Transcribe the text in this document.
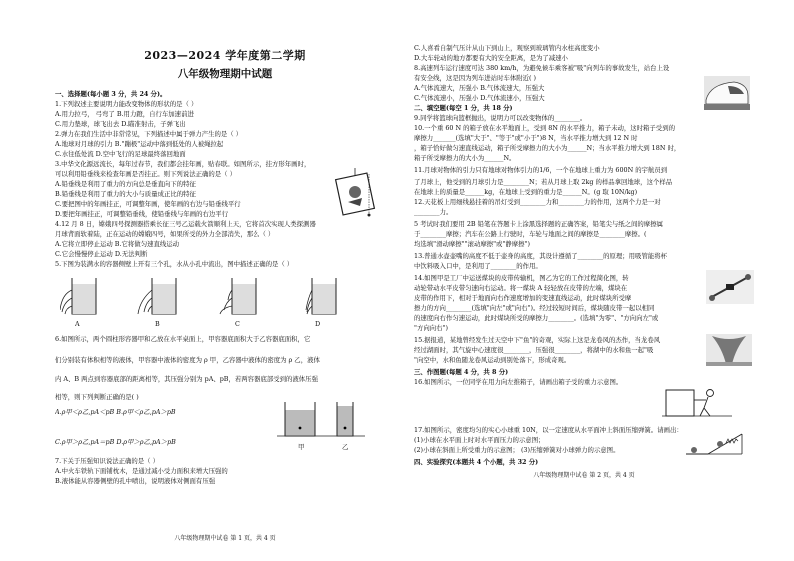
2023—2024 学年度第二学期
八年级物理期中试题
一、选择题(每小题 3 分，共 24 分)。
1.下列叙述主要说明力能改变物体的形状的是（ ）
A.用力拉弓， 弓弯了 B.用力蹬，自行车加速前进
C.用力垫球，球飞出去 D.瞄准射击，子弹飞出
2.弹力在我们生活中非常常见，下列描述中属于弹力产生的是（ ）
A.地球对月球的引力 B."蹦极"运动中落到低处的人被绳拉起
C.水往低处流 D.空中飞行的足球最终落回地面
3.中华文化源远流长，每年过春节，我们都会挂年画，贴春联。如图所示，挂方形年画时，
可以利用铅垂线来检查年画是否挂正。则下列说法正确的是（ ）
A.铅垂线是利用了重力的方向总是垂直向下的特征
B.铅垂线是利用了重力的大小与质量成正比的特征
C.要把图中的年画挂正，可调整年画，使年画的右边与铅垂线平行
D.要把年画挂正，可调整铅垂线，使铅垂线与年画的右边平行
4.12 月 8 日，嫦娥四号探测器搭乘长征三号乙运载火箭顺利上天，它将首次实现人类探测器
月球背面软着陆，正在运动的嫦娥四号，如果所受的外力全部消失，那么（ ）
A.它将立即停止运动 B.它将做匀速直线运动
C.它会慢慢停止运动 D.无法判断
5.下图为装满水的容器侧壁上开有三个孔，水从小孔中流出，图中描述正确的是（ ）
A	B	C	D
6.如图所示，两个圆柱形容器甲和乙放在水平桌面上，甲容器底面积大于乙容器底面积，它
们分别装有体积相等的液体，甲容器中液体的密度为 ρ 甲，乙容器中液体的密度为 ρ 乙，液体
内 A、B 两点到容器底部的距离相等，其压强分别为 pA、pB，若两容器底部受到的液体压强
相等，则下列判断正确的是( )
A.ρ甲＜ρ乙,pA＜pB B.ρ甲＜ρ乙,pA＞pB
C.ρ甲＞ρ乙,pA＝pB D.ρ甲＞ρ乙,pA＞pB
甲	乙
7.下关于压强知识说法正确的是（ ）
A.中火车铁轨下面铺枕木，是通过减小受力面积来增大压强的
B.液体能从容器侧壁的孔中喷出，说明液体对侧面有压强
八年级物理期中试卷 第 1 页，共 4 页
C.人喜看自制气压计从山下到山上，观察到玻璃管内水柱高度变小
D.大车轮动的地方都要有大的安全距离，是为了减速小
8.高速列车运行速度可达 380 km/h，为避免候车乘客被"吸"向列车的事故发生，站台上设
有安全线，这是因为列车进站时车体附近( )
A.气体流速大，压强小 B.气体流速大，压强大
C.气体流速小，压强小 D.气体流速小，压强大
二、填空题(每空 1 分，共 18 分)
9.同学将篮球向篮框抛出，说明力可以改变物体的________。
10.一个重 60 N 的箱子放在水平地面上，受到 8N 的水平推力，箱子未动，这时箱子受到的
摩擦力_______(选填"大于"、"等于"或"小于")8 N，当水平推力增大到 12 N 时
，箱子恰好做匀速直线运动，箱子所受摩擦力的大小为______N；当水平推力增大到 18N 时，
箱子所受摩擦力的大小为______N。
11.月球对物体的引力只有地球对物体引力的1/6，一个在地球上重力为 600N 的宇航员到
了月球上，他受到的月球引力是________N；若从月球上取 2kg 的样品拿回地球，这个样品
在地球上的质量是______kg，在地球上受到的重力是______N。(g 取 10N/kg)
12.天花板上用细线悬挂着的吊灯受到________力和________力的作用，这两个力是一对
________力。
5 考试时我们要用 2B 铅笔在答题卡上涂黑选择题的正确答案，铅笔尖与纸之间的摩擦属
于________摩擦；汽车在公路上行驶时，车轮与地面之间的摩擦是________摩擦。(
均选填"滑动摩擦""滚动摩擦"或"静摩擦")
13.普通水壶壶嘴的高度不低于壶身的高度，其设计遵循了________的原理；用吸管能将杯
中饮料吸入口中，是利用了________的作用。
14.如图甲是工厂中运送煤块的皮带传输机，图乙为它的工作过程简化图，转
动轮带动水平皮带匀速向右运动。将一煤块 A 轻轻放在皮带的左端，煤块在
皮带的作用下，相对于地面向右作速度增加的变速直线运动，此时煤块所受摩
擦力的方向________(选填"向左"或"向右")。经过较短时间后，煤块随皮带一起以相同
的速度向右作匀速运动，此时煤块所受的摩擦力________。(选填"为零"、"方向向左"或
"方向向右")
15.据报道，某地曾经发生过天空中下"鱼"的奇观，实际上这是龙卷风的杰作，当龙卷风
经过湖面时，其气旋中心速度很________，压强很________，将湖中的水和鱼一起"吸
"向空中，水和鱼随龙卷风运动到别处落下，形成奇观。
三、作图题(每题 4 分，共 8 分)
16.如图所示，一位同学在用力向左推箱子，请画出箱子受的重力示意图。
17.如图所示，密度均匀的实心小球重 10N，以一定速度从水平面冲上斜面压缩弹簧。请画出：
(1)小球在水平面上时对水平面压力的示意图；
(2)小球在斜面上所受重力的示意图； (3)压缩弹簧对小球弹力的示意图。
四、实验探究(本题共 4 个小题，共 32 分)
八年级物理期中试卷 第 2 页，共 4 页
